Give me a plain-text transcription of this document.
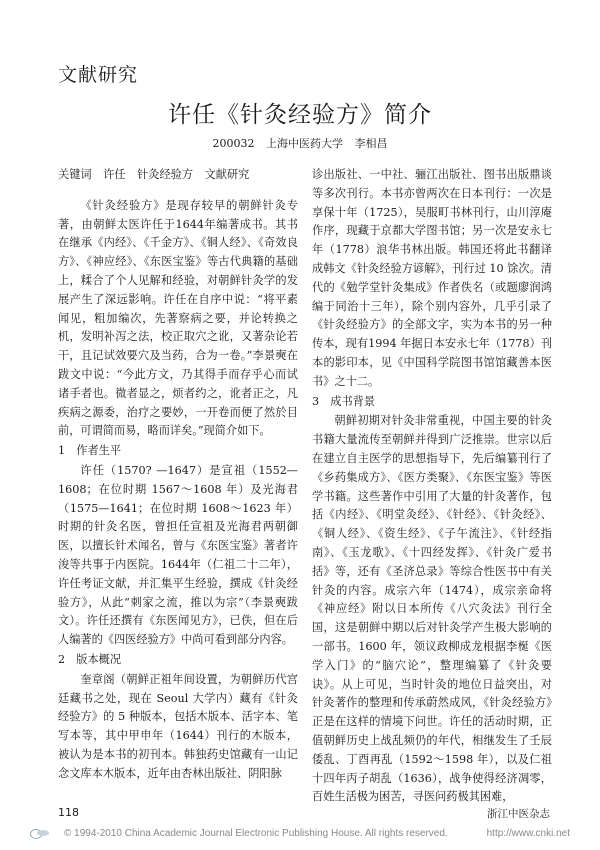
文献研究
许任《针灸经验方》简介
200032 上海中医药大学 李相昌

关键词 许任 针灸经验方 文献研究

《针灸经验方》是现存较早的朝鲜针灸专著，由朝鲜太医许任于1644年编著成书。其书在继承《内经》、《千金方》、《铜人经》、《奇效良方》、《神应经》、《东医宝鉴》等古代典籍的基础上，糅合了个人见解和经验，对朝鲜针灸学的发展产生了深远影响。许任在自序中说：“将平素闻见，粗加编次，先著察病之要，并论转换之机，发明补泻之法，校正取穴之讹，又著杂论若干，且记试效要穴及当药，合为一卷。”李景奭在跋文中说：“今此方文，乃其得手而存乎心而试诸手者也。微者显之，烦者约之，讹者正之，凡疾病之源委，治疗之要妙，一开卷而便了然於目前，可谓简而易，略而详矣。”现简介如下。

1　作者生平

许任（1570? —1647）是宣祖（1552—1608；在位时期 1567～1608 年）及光海君（1575—1641；在位时期 1608～1623 年）时期的针灸名医，曾担任宣祖及光海君两朝御医，以擅长针术闻名，曾与《东医宝鉴》著者许浚等共事于内医院。1644年（仁祖二十二年），许任考证文献，并汇集平生经验，撰成《针灸经验方》，从此“刺家之流，推以为宗”（李景奭跋文）。许任还撰有《东医闻见方》，已佚，但在后人编著的《四医经验方》中尚可看到部分内容。

2　版本概况

奎章阁（朝鲜正祖年间设置，为朝鲜历代宫廷藏书之处，现在 Seoul 大学内）藏有《针灸经验方》的 5 种版本，包括木版本、活字本、笔写本等，其中甲申年（1644）刊行的木版本，被认为是本书的初刊本。韩独药史馆藏有一山记念文库本木版本，近年由杏林出版社、阴阳脉

诊出版社、一中社、骊江出版社、图书出版鼎谈等多次刊行。本书亦曾两次在日本刊行：一次是享保十年（1725），吴服町书林刊行，山川淳庵作序，现藏于京都大学图书馆；另一次是安永七年（1778）浪华书林出版。韩国还将此书翻译成韩文《针灸经验方谚解》，刊行过 10 馀次。清代的《勉学堂针灸集成》作者佚名（或题廖润鸿编于同治十三年），除个别内容外，几乎引录了《针灸经验方》的全部文字，实为本书的另一种传本，现有1994 年据日本安永七年（1778）刊本的影印本，见《中国科学院图书馆馆藏善本医书》之十二。

3　成书背景

朝鲜初期对针灸非常重视，中国主要的针灸书籍大量流传至朝鲜并得到广泛推崇。世宗以后在建立自主医学的思想指导下，先后编纂刊行了《乡药集成方》、《医方类聚》、《东医宝鉴》等医学书籍。这些著作中引用了大量的针灸著作，包括《内经》、《明堂灸经》、《针经》、《针灸经》、《铜人经》、《资生经》、《子午流注》、《针经指南》、《玉龙歌》、《十四经发挥》、《针灸广爱书括》等，还有《圣济总录》等综合性医书中有关针灸的内容。成宗六年（1474），成宗亲命将《神应经》附以日本所传《八穴灸法》刊行全国，这是朝鲜中期以后对针灸学产生极大影响的一部书。1600 年，领议政柳成龙根据李梴《医学入门》的“脑穴论”，整理编纂了《针灸要诀》。从上可见，当时针灸的地位日益突出，对针灸著作的整理和传承蔚然成风，《针灸经验方》正是在这样的情境下问世。许任的活动时期，正值朝鲜历史上战乱频仍的年代，相继发生了壬辰倭乱、丁酉再乱（1592～1598 年），以及仁祖十四年丙子胡乱（1636），战争使得经济凋零，百姓生活极为困苦，寻医问药极其困难，

118	浙江中医杂志
© 1994-2010 China Academic Journal Electronic Publishing House. All rights reserved.	http://www.cnki.net
